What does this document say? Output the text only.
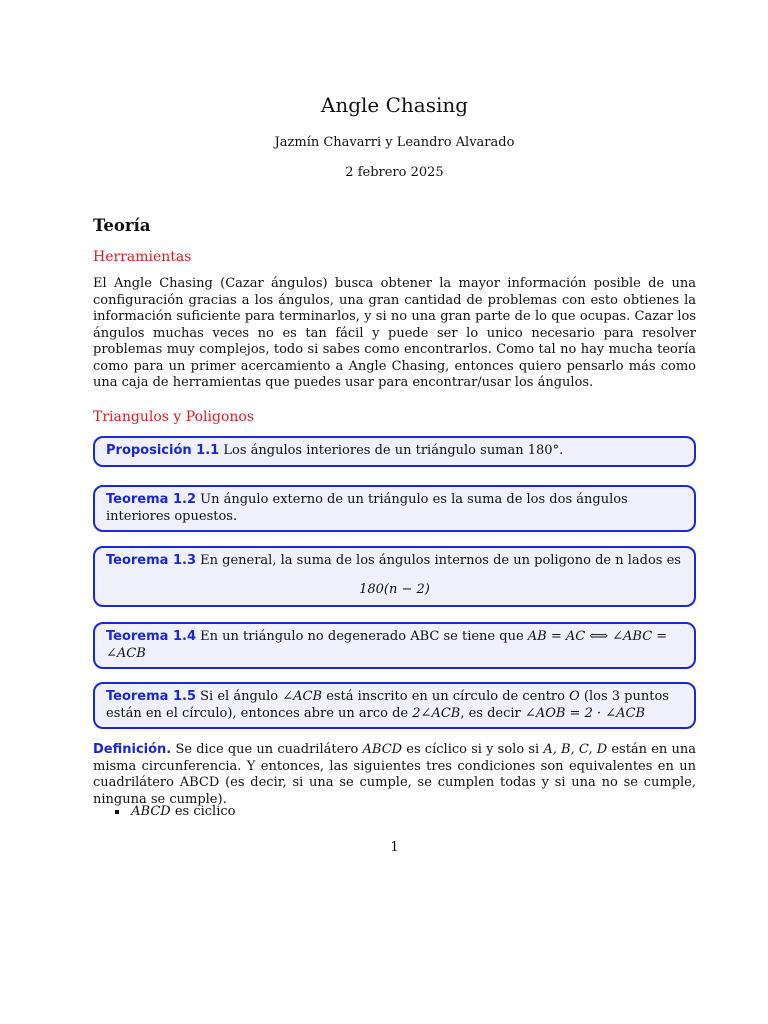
Angle Chasing
Jazmín Chavarri y Leandro Alvarado
2 febrero 2025
Teoría
Herramientas
El Angle Chasing (Cazar ángulos) busca obtener la mayor información posible de una configuración gracias a los ángulos, una gran cantidad de problemas con esto obtienes la información suficiente para terminarlos, y si no una gran parte de lo que ocupas. Cazar los ángulos muchas veces no es tan fácil y puede ser lo unico necesario para resolver problemas muy complejos, todo si sabes como encontrarlos. Como tal no hay mucha teoría como para un primer acercamiento a Angle Chasing, entonces quiero pensarlo más como una caja de herramientas que puedes usar para encontrar/usar los ángulos.
Triangulos y Poligonos
Proposición 1.1 Los ángulos interiores de un triángulo suman 180°.
Teorema 1.2 Un ángulo externo de un triángulo es la suma de los dos ángulos interiores opuestos.
Teorema 1.3 En general, la suma de los ángulos internos de un poligono de n lados es
180(n − 2)
Teorema 1.4 En un triángulo no degenerado ABC se tiene que AB = AC ⟺ ∠ABC = ∠ACB
Teorema 1.5 Si el ángulo ∠ACB está inscrito en un círculo de centro O (los 3 puntos están en el círculo), entonces abre un arco de 2∠ACB, es decir ∠AOB = 2 · ∠ACB
Definición. Se dice que un cuadrilátero ABCD es cíclico si y solo si A, B, C, D están en una misma circunferencia. Y entonces, las siguientes tres condiciones son equivalentes en un cuadrilátero ABCD (es decir, si una se cumple, se cumplen todas y si una no se cumple, ninguna se cumple).
ABCD es ciclico
1
